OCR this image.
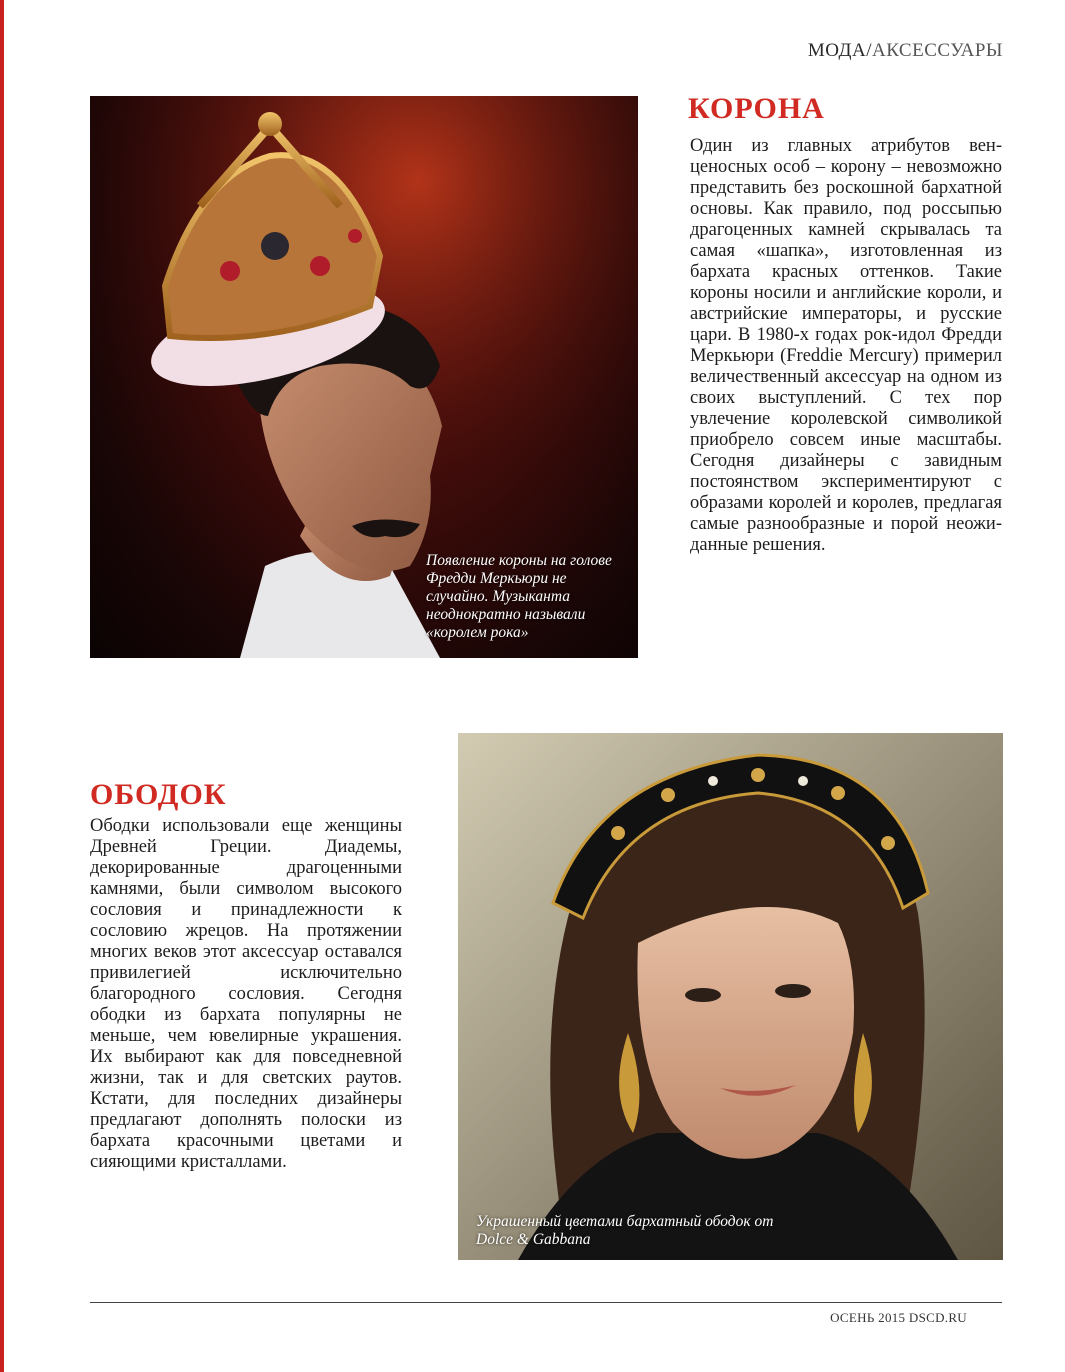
МОДА/АКСЕССУАРЫ
Появление короны на голове Фредди Меркьюри не случайно. Музыканта неоднократно называли «королем рока»
КОРОНА
Один из главных атрибутов венценосных особ – корону – невозможно представить без роскошной бархатной основы. Как правило, под россыпью драгоценных камней скрывалась та самая «шапка», изготовленная из бархата красных оттенков. Такие короны носили и английские короли, и австрийские императоры, и русские цари. В 1980-х годах рок-идол Фредди Меркьюри (Freddie Mercury) примерил величественный аксессуар на одном из своих выступлений. С тех пор увлечение королевской символикой приобрело совсем иные масштабы. Сегодня дизайнеры с завидным постоянством экспериментируют с образами королей и королев, предлагая самые разнообразные и порой неожиданные решения.
Украшенный цветами бархатный ободок от Dolce & Gabbana
ОБОДОК
Ободки использовали еще женщины Древней Греции. Диадемы, декорированные драгоценными камнями, были символом высокого сословия и принадлежности к сословию жрецов. На протяжении многих веков этот аксессуар оставался привилегией исключительно благородного сословия. Сегодня ободки из бархата популярны не меньше, чем ювелирные украшения. Их выбирают как для повседневной жизни, так и для светских раутов. Кстати, для последних дизайнеры предлагают дополнять полоски из бархата красочными цветами и сияющими кристаллами.
ОСЕНЬ 2015 DSCD.RU
